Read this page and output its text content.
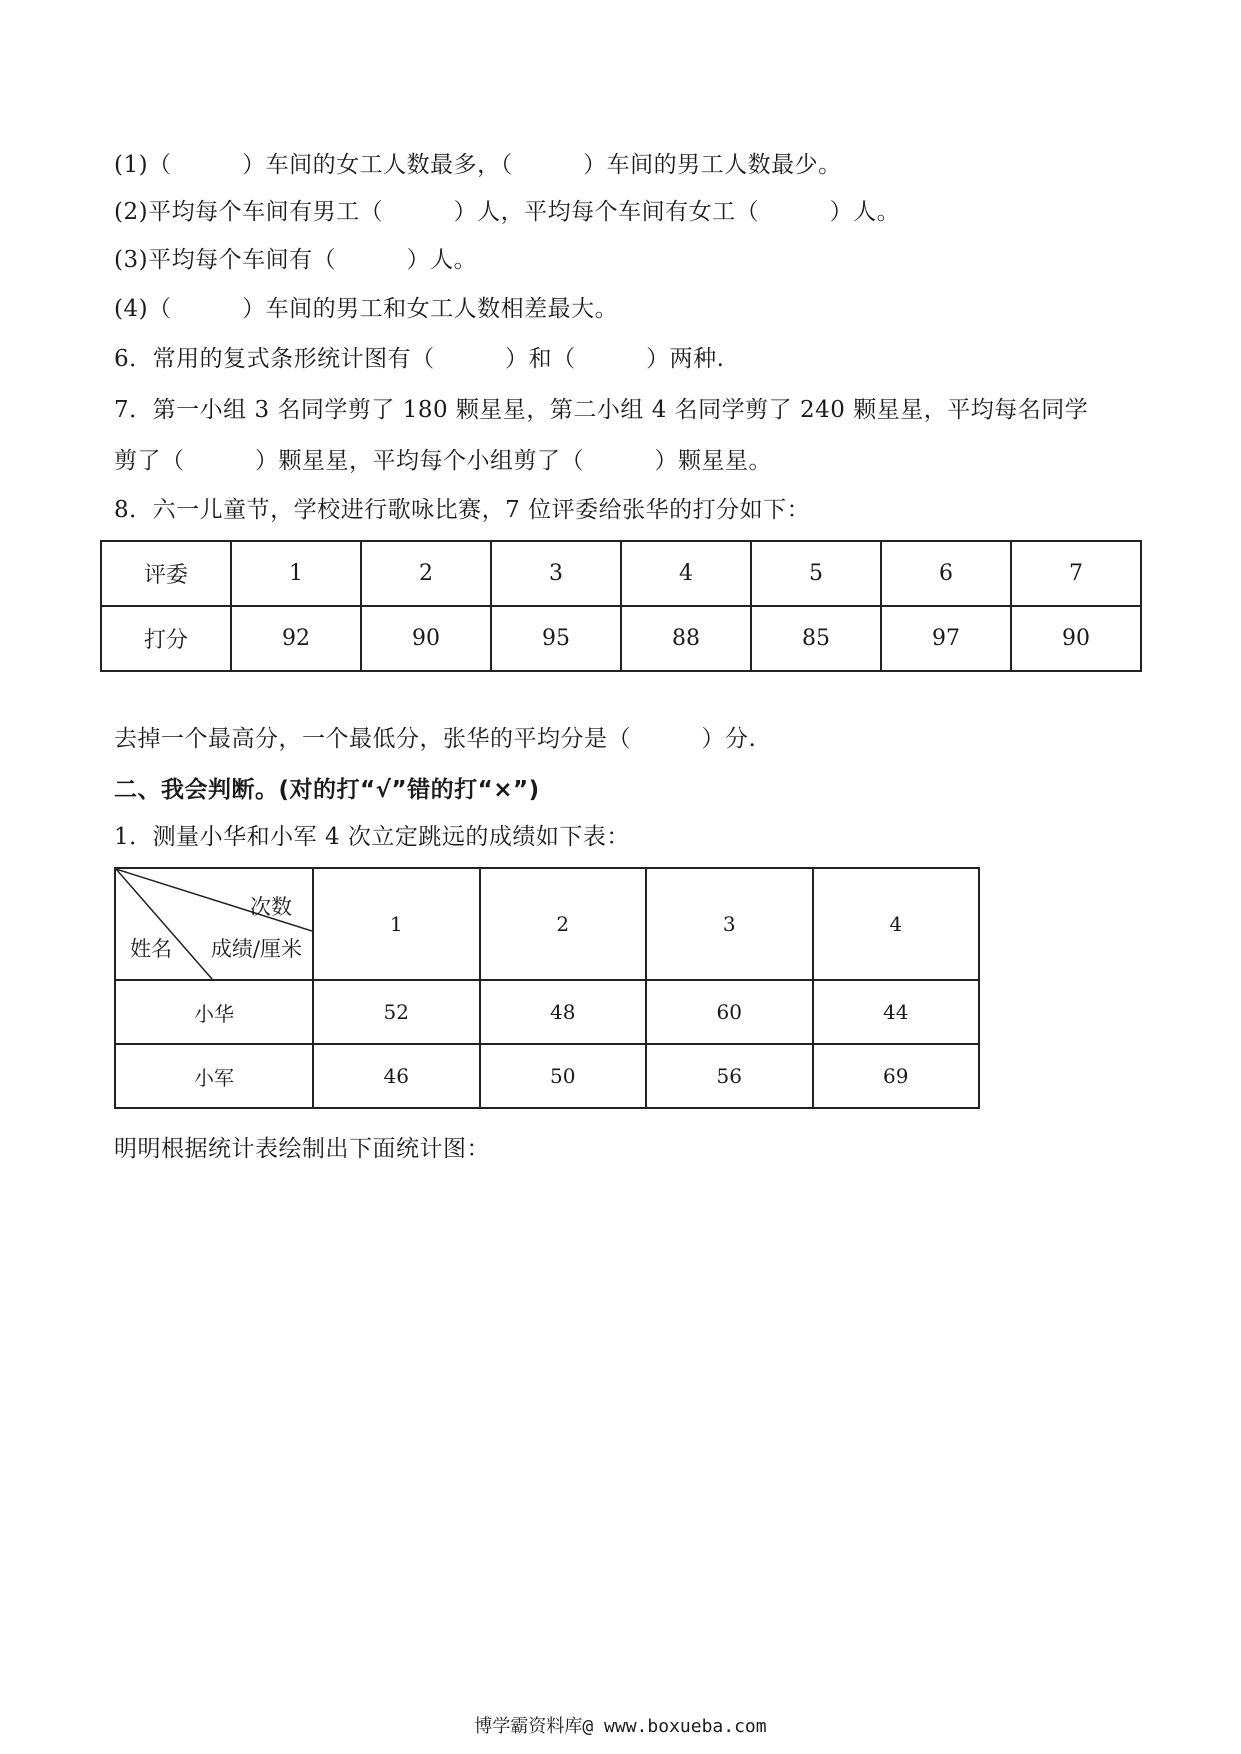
(1)（　　　）车间的女工人数最多，（　　　）车间的男工人数最少。
(2)平均每个车间有男工（　　　）人，平均每个车间有女工（　　　）人。
(3)平均每个车间有（　　　）人。
(4)（　　　）车间的男工和女工人数相差最大。
6．常用的复式条形统计图有（　　　）和（　　　）两种.
7．第一小组 3 名同学剪了 180 颗星星，第二小组 4 名同学剪了 240 颗星星，平均每名同学
剪了（　　　）颗星星，平均每个小组剪了（　　　）颗星星。
8．六一儿童节，学校进行歌咏比赛，7 位评委给张华的打分如下：
评委	1	2	3	4	5	6	7
打分	92	90	95	88	85	97	90
去掉一个最高分，一个最低分，张华的平均分是（　　　）分.
二、我会判断。(对的打“√”错的打“×”)
1．测量小华和小军 4 次立定跳远的成绩如下表：
次数
成绩/厘米
姓名	1	2	3	4
小华	52	48	60	44
小军	46	50	56	69
明明根据统计表绘制出下面统计图：
博学霸资料库@ www.boxueba.com
